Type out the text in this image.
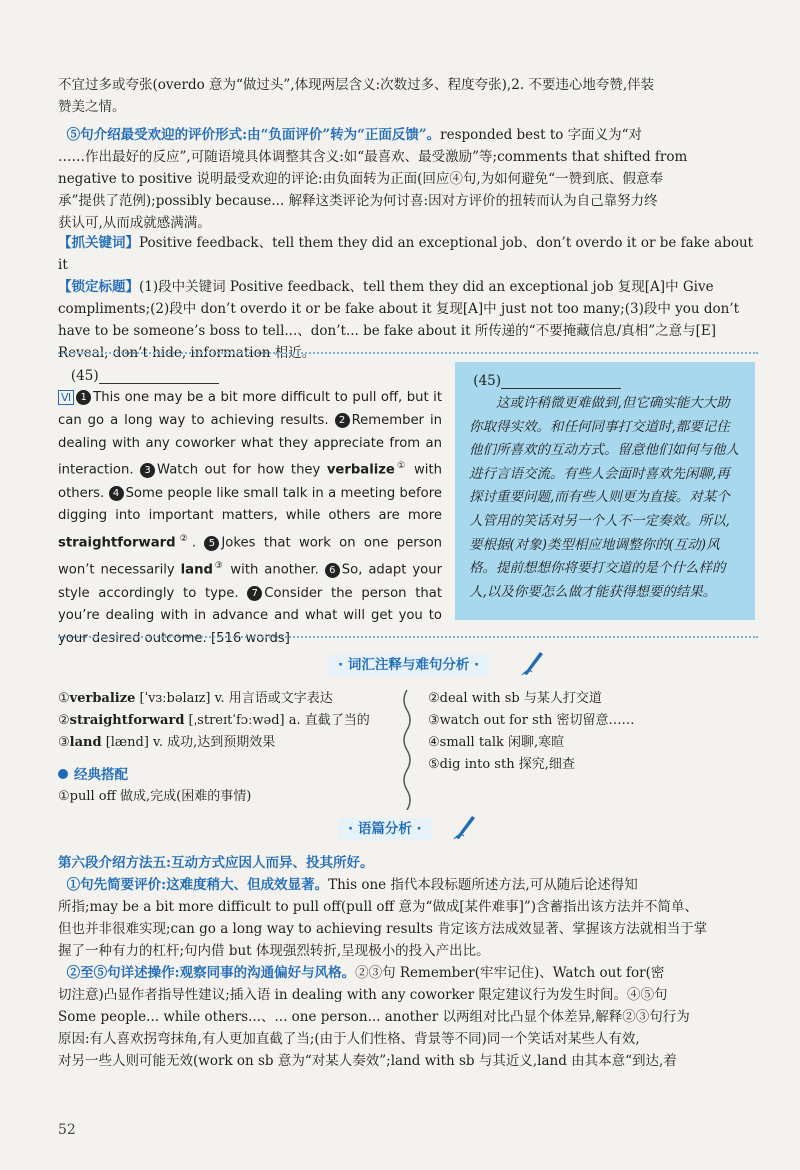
不宜过多或夸张(overdo 意为“做过头”,体现两层含义:次数过多、程度夸张),2. 不要违心地夸赞,伴装
赞美之情。
⑤句介绍最受欢迎的评价形式:由“负面评价”转为“正面反馈”。responded best to 字面义为“对
……作出最好的反应”,可随语境具体调整其含义:如“最喜欢、最受激励”等;comments that shifted from
negative to positive 说明最受欢迎的评论:由负面转为正面(回应④句,为如何避免“一赞到底、假意奉
承”提供了范例);possibly because... 解释这类评论为何讨喜:因对方评价的扭转而认为自己靠努力终
获认可,从而成就感满满。
【抓关键词】Positive feedback、tell them they did an exceptional job、don’t overdo it or be fake about it
【锁定标题】(1)段中关键词 Positive feedback、tell them they did an exceptional job 复现[A]中 Give
compliments;(2)段中 don’t overdo it or be fake about it 复现[A]中 just not too many;(3)段中 you don’t
have to be someone’s boss to tell...、don’t... be fake about it 所传递的“不要掩藏信息/真相”之意与[E]
Reveal, don’t hide, information 相近。
(45)
Ⅵ 1 This one may be a bit more difficult to pull off, but it can go a long way to achieving results. 2 Remember in dealing with any coworker what they appreciate from an interaction. 3 Watch out for how they verbalize① with others. 4 Some people like small talk in a meeting before digging into important matters, while others are more straightforward②. 5 Jokes that work on one person won’t necessarily land③ with another. 6 So, adapt your style accordingly to type. 7 Consider the person that you’re dealing with in advance and what will get you to your desired outcome. [516 words]
(45)
这或许稍微更难做到,但它确实能大大助你取得实效。和任何同事打交道时,都要记住他们所喜欢的互动方式。留意他们如何与他人进行言语交流。有些人会面时喜欢先闲聊,再探讨重要问题,而有些人则更为直接。对某个人管用的笑话对另一个人不一定奏效。所以,要根据(对象)类型相应地调整你的(互动)风格。提前想想你将要打交道的是个什么样的人,以及你要怎么做才能获得想要的结果。
· 词汇注释与难句分析 ·
①verbalize [ˈvɜːbəlaɪz] v. 用言语或文字表达
②straightforward [ˌstreɪtˈfɔːwəd] a. 直截了当的
③land [lænd] v. 成功,达到预期效果
②deal with sb 与某人打交道
③watch out for sth 密切留意……
④small talk 闲聊,寒暄
⑤dig into sth 探究,细查
经典搭配
①pull off 做成,完成(困难的事情)
· 语篇分析 ·
第六段介绍方法五:互动方式应因人而异、投其所好。
①句先简要评价:这难度稍大、但成效显著。This one 指代本段标题所述方法,可从随后论述得知
所指;may be a bit more difficult to pull off(pull off 意为“做成[某件难事]”)含蓄指出该方法并不简单、
但也并非很难实现;can go a long way to achieving results 肯定该方法成效显著、掌握该方法就相当于掌
握了一种有力的杠杆;句内借 but 体现强烈转折,呈现极小的投入产出比。
②至⑤句详述操作:观察同事的沟通偏好与风格。②③句 Remember(牢牢记住)、Watch out for(密
切注意)凸显作者指导性建议;插入语 in dealing with any coworker 限定建议行为发生时间。④⑤句
Some people... while others...、... one person... another 以两组对比凸显个体差异,解释②③句行为
原因:有人喜欢拐弯抹角,有人更加直截了当;(由于人们性格、背景等不同)同一个笑话对某些人有效,
对另一些人则可能无效(work on sb 意为“对某人奏效”;land with sb 与其近义,land 由其本意“到达,着
52
